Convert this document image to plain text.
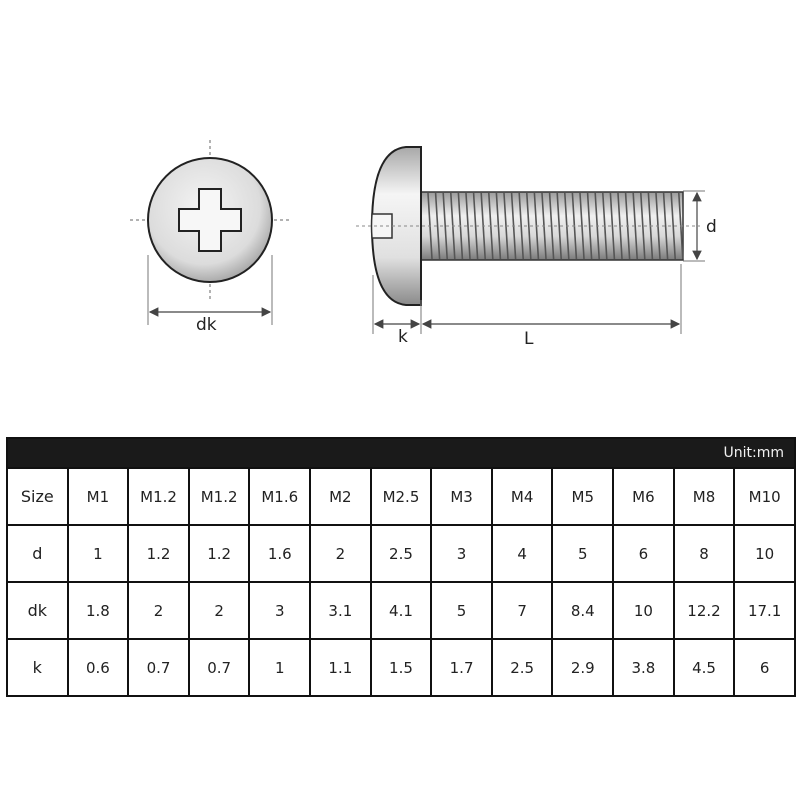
dk
d
k	L
Unit:mm												
Size	M1	M1.2	M1.2	M1.6	M2	M2.5	M3	M4	M5	M6	M8	M10
d	1	1.2	1.2	1.6	2	2.5	3	4	5	6	8	10
dk	1.8	2	2	3	3.1	4.1	5	7	8.4	10	12.2	17.1
k	0.6	0.7	0.7	1	1.1	1.5	1.7	2.5	2.9	3.8	4.5	6
